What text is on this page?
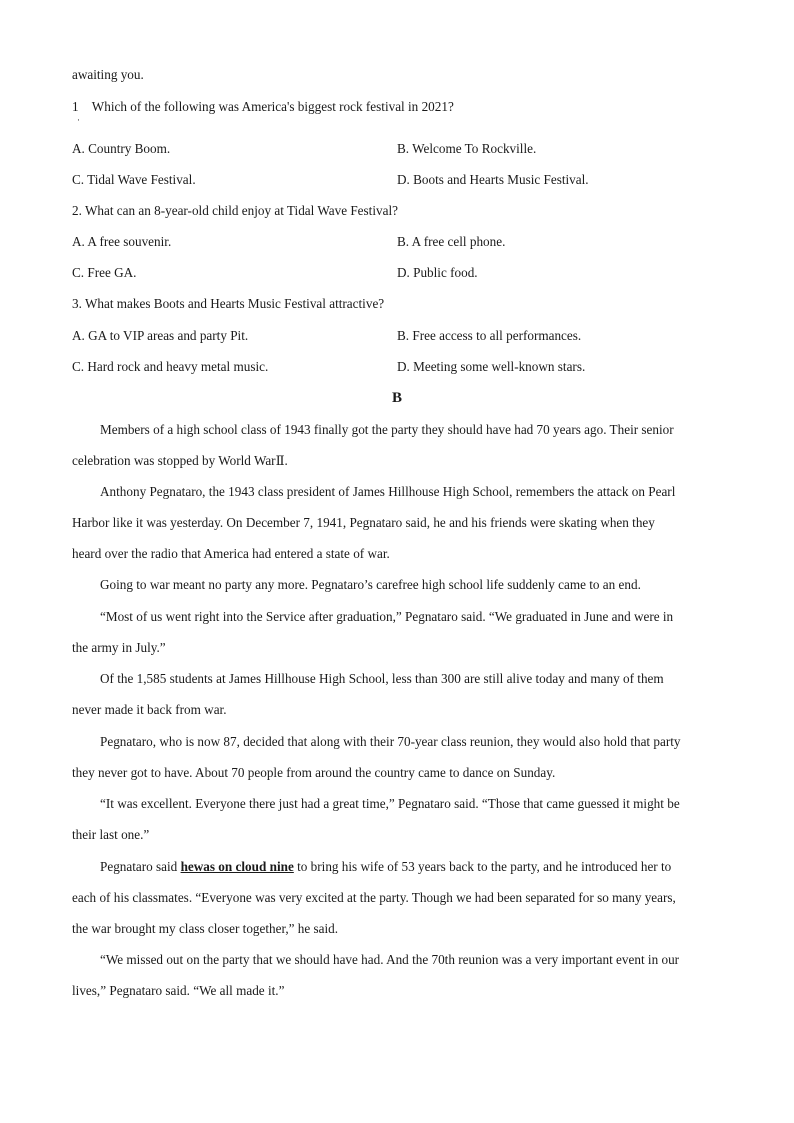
awaiting you.
1　Which of the following was America's biggest rock festival in 2021?
·
A. Country Boom.	B. Welcome To Rockville.
C. Tidal Wave Festival.	D. Boots and Hearts Music Festival.
2. What can an 8-year-old child enjoy at Tidal Wave Festival?
A. A free souvenir.	B. A free cell phone.
C. Free GA.	D. Public food.
3. What makes Boots and Hearts Music Festival attractive?
A. GA to VIP areas and party Pit.	B. Free access to all performances.
C. Hard rock and heavy metal music.	D. Meeting some well-known stars.
B
Members of a high school class of 1943 finally got the party they should have had 70 years ago. Their senior
celebration was stopped by World WarⅡ.
Anthony Pegnataro, the 1943 class president of James Hillhouse High School, remembers the attack on Pearl
Harbor like it was yesterday. On December 7, 1941, Pegnataro said, he and his friends were skating when they
heard over the radio that America had entered a state of war.
Going to war meant no party any more. Pegnataro’s carefree high school life suddenly came to an end.
“Most of us went right into the Service after graduation,” Pegnataro said. “We graduated in June and were in
the army in July.”
Of the 1,585 students at James Hillhouse High School, less than 300 are still alive today and many of them
never made it back from war.
Pegnataro, who is now 87, decided that along with their 70-year class reunion, they would also hold that party
they never got to have. About 70 people from around the country came to dance on Sunday.
“It was excellent. Everyone there just had a great time,” Pegnataro said. “Those that came guessed it might be
their last one.”
Pegnataro said hewas on cloud nine to bring his wife of 53 years back to the party, and he introduced her to
each of his classmates. “Everyone was very excited at the party. Though we had been separated for so many years,
the war brought my class closer together,” he said.
“We missed out on the party that we should have had. And the 70th reunion was a very important event in our
lives,” Pegnataro said. “We all made it.”
